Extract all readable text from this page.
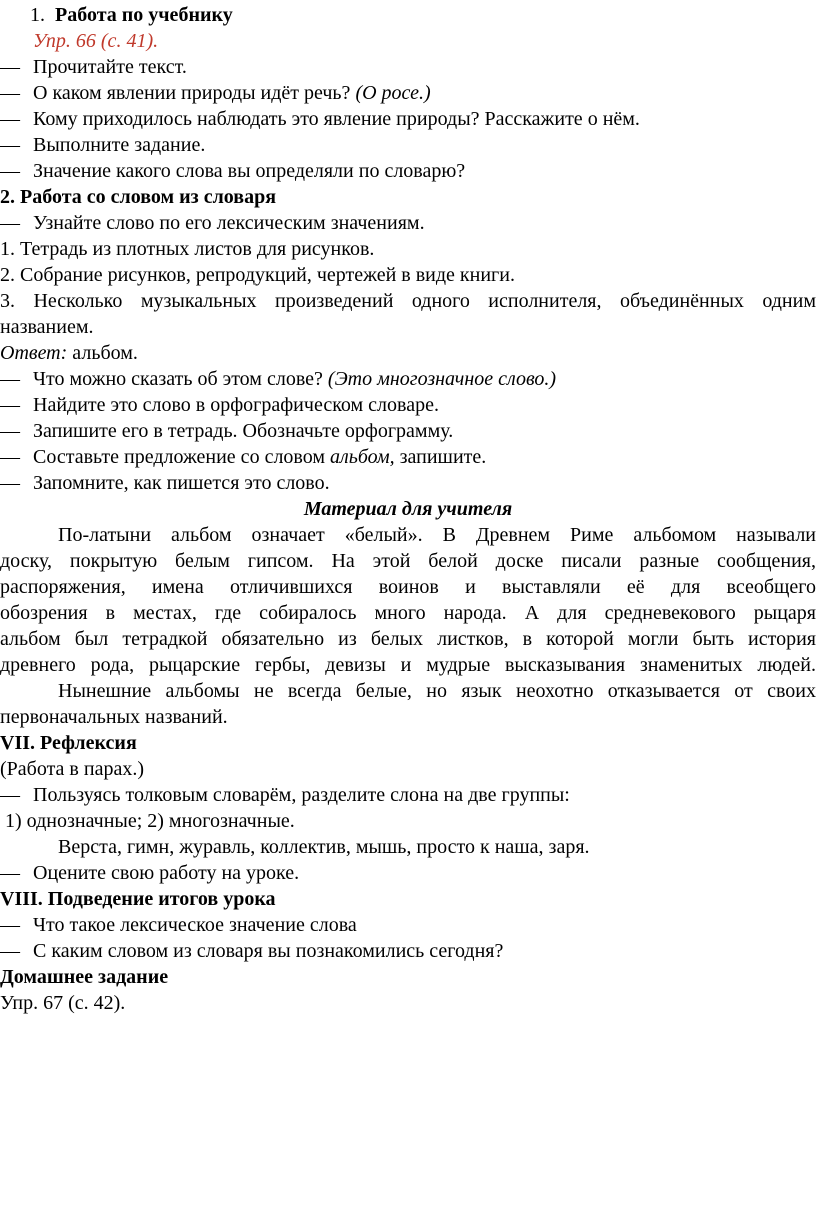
1. Работа по учебнику
Упр. 66 (с. 41).
— Прочитайте текст.
— О каком явлении природы идёт речь? (О росе.)
— Кому приходилось наблюдать это явление природы? Расскажите о нём.
— Выполните задание.
— Значение какого слова вы определяли по словарю?
2. Работа со словом из словаря
— Узнайте слово по его лексическим значениям.
1. Тетрадь из плотных листов для рисунков.
2. Собрание рисунков, репродукций, чертежей в виде книги.
3. Несколько музыкальных произведений одного исполнителя, объединённых одним
названием.
Ответ: альбом.
— Что можно сказать об этом слове? (Это многозначное слово.)
— Найдите это слово в орфографическом словаре.
— Запишите его в тетрадь. Обозначьте орфограмму.
— Составьте предложение со словом альбом, запишите.
— Запомните, как пишется это слово.
Материал для учителя
По-латыни альбом означает «белый». В Древнем Риме альбомом называли
доску, покрытую белым гипсом. На этой белой доске писали разные сообщения,
распоряжения, имена отличившихся воинов и выставляли её для всеобщего
обозрения в местах, где собиралось много народа. А для средневекового рыцаря
альбом был тетрадкой обязательно из белых листков, в которой могли быть история
древнего рода, рыцарские гербы, девизы и мудрые высказывания знаменитых людей.
Нынешние альбомы не всегда белые, но язык неохотно отказывается от своих
первоначальных названий.
VII. Рефлексия
(Работа в парах.)
— Пользуясь толковым словарём, разделите слона на две группы:
1) однозначные; 2) многозначные.
Верста, гимн, журавль, коллектив, мышь, просто к наша, заря.
— Оцените свою работу на уроке.
VIII. Подведение итогов урока
— Что такое лексическое значение слова
— С каким словом из словаря вы познакомились сегодня?
Домашнее задание
Упр. 67 (с. 42).
